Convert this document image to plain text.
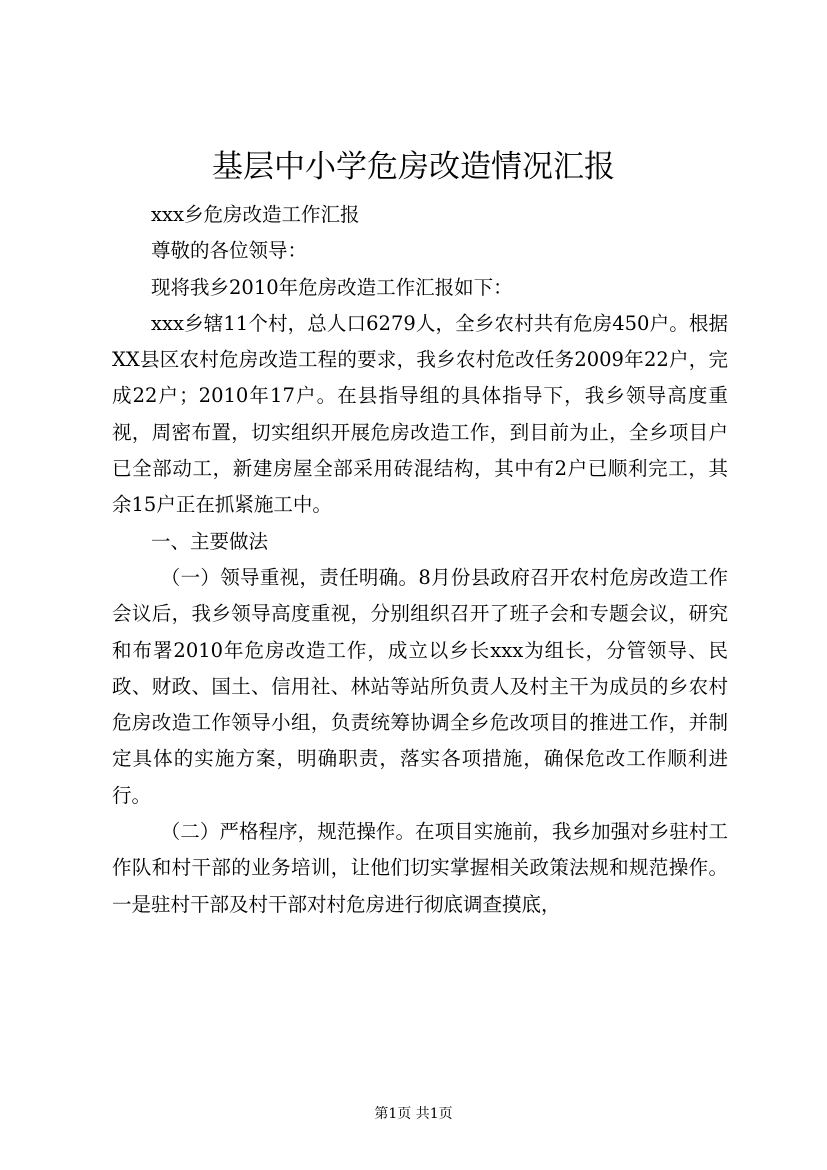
基层中小学危房改造情况汇报

xxx乡危房改造工作汇报

尊敬的各位领导：

现将我乡2010年危房改造工作汇报如下：

xxx乡辖11个村，总人口6279人，全乡农村共有危房450户。根据XX县区农村危房改造工程的要求，我乡农村危改任务2009年22户，完成22户；2010年17户。在县指导组的具体指导下，我乡领导高度重视，周密布置，切实组织开展危房改造工作，到目前为止，全乡项目户已全部动工，新建房屋全部采用砖混结构，其中有2户已顺利完工，其余15户正在抓紧施工中。

一、主要做法

（一）领导重视，责任明确。8月份县政府召开农村危房改造工作会议后，我乡领导高度重视，分别组织召开了班子会和专题会议，研究和布署2010年危房改造工作，成立以乡长xxx为组长，分管领导、民政、财政、国土、信用社、林站等站所负责人及村主干为成员的乡农村危房改造工作领导小组，负责统筹协调全乡危改项目的推进工作，并制定具体的实施方案，明确职责，落实各项措施，确保危改工作顺利进行。

（二）严格程序，规范操作。在项目实施前，我乡加强对乡驻村工作队和村干部的业务培训，让他们切实掌握相关政策法规和规范操作。一是驻村干部及村干部对村危房进行彻底调查摸底，

第1页 共1页
